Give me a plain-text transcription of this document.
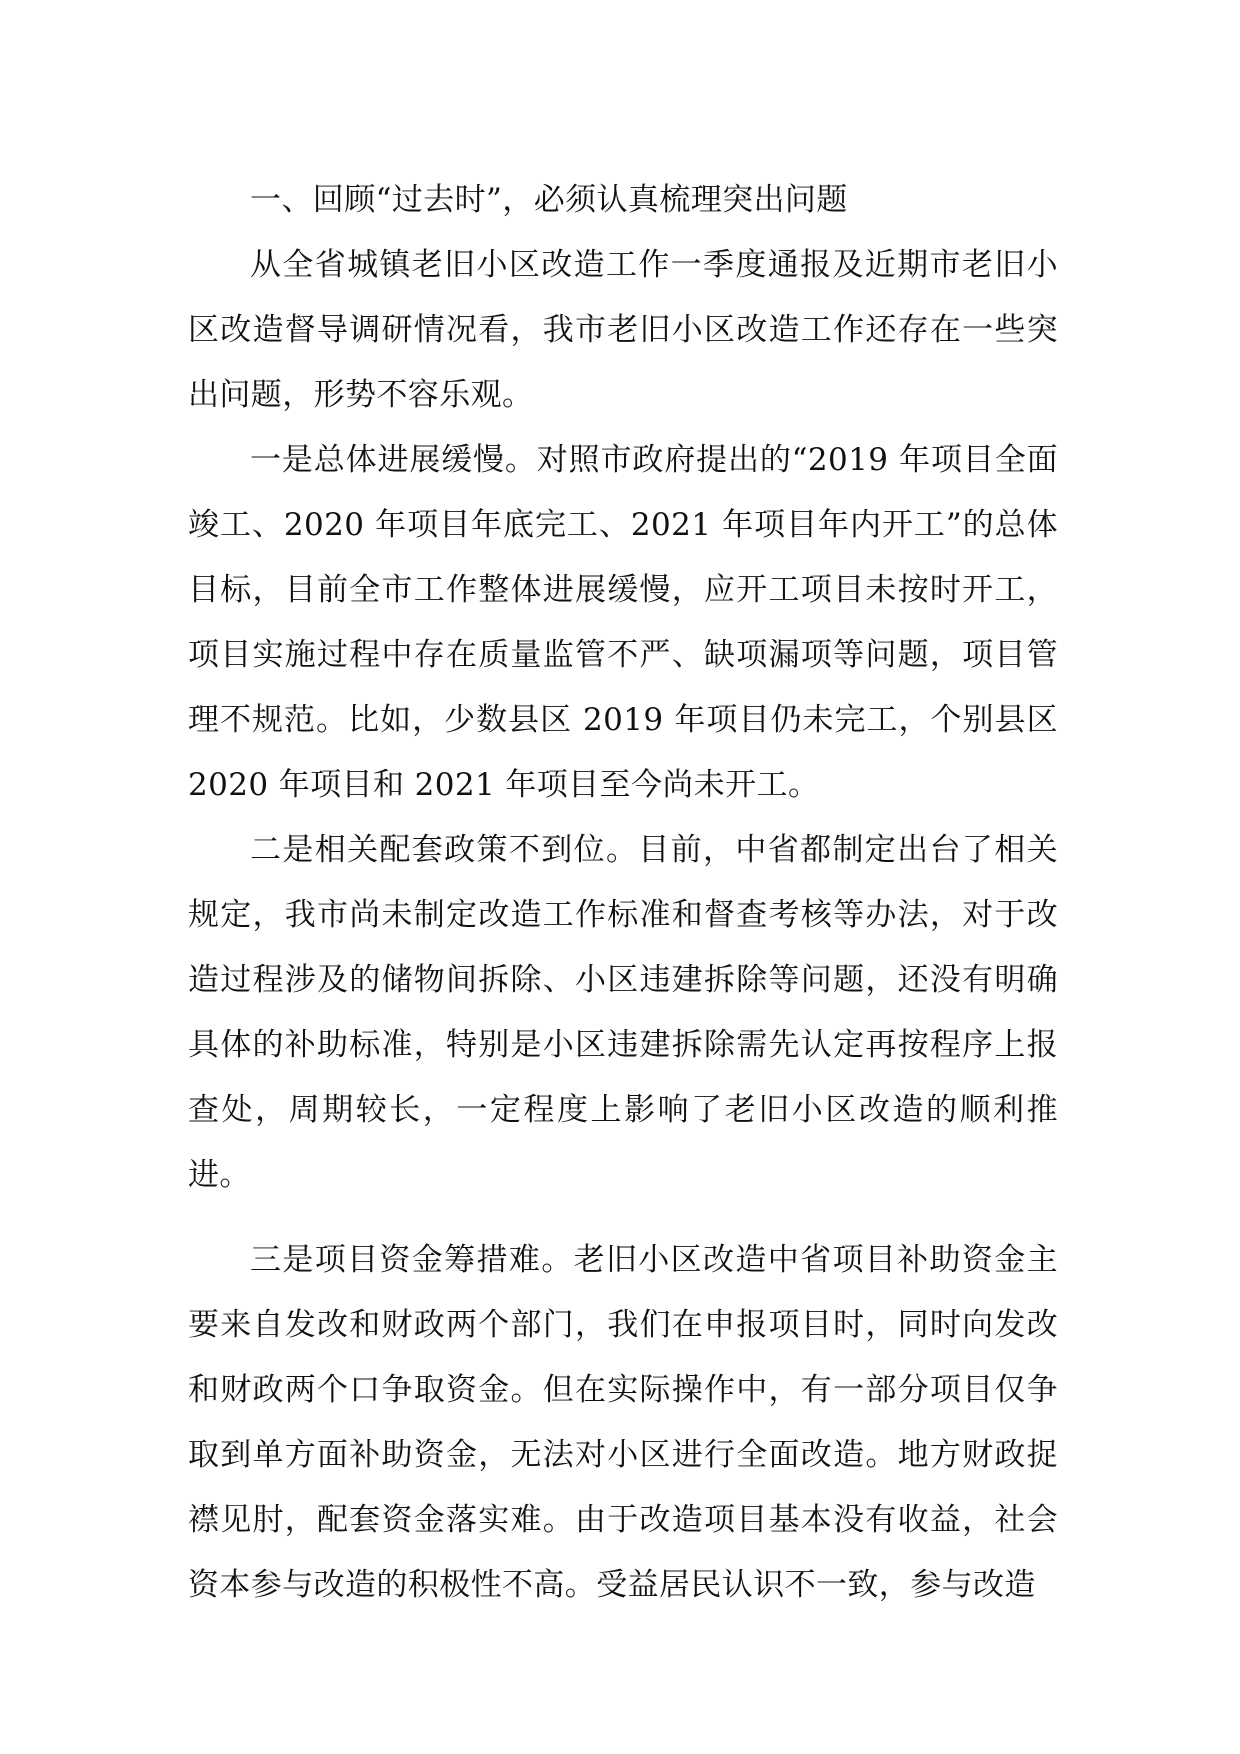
一、回顾“过去时”，必须认真梳理突出问题

从全省城镇老旧小区改造工作一季度通报及近期市老旧小区改造督导调研情况看，我市老旧小区改造工作还存在一些突出问题，形势不容乐观。

一是总体进展缓慢。对照市政府提出的“2019 年项目全面竣工、2020 年项目年底完工、2021 年项目年内开工”的总体目标，目前全市工作整体进展缓慢，应开工项目未按时开工，项目实施过程中存在质量监管不严、缺项漏项等问题，项目管理不规范。比如，少数县区 2019 年项目仍未完工，个别县区 2020 年项目和 2021 年项目至今尚未开工。

二是相关配套政策不到位。目前，中省都制定出台了相关规定，我市尚未制定改造工作标准和督查考核等办法，对于改造过程涉及的储物间拆除、小区违建拆除等问题，还没有明确具体的补助标准，特别是小区违建拆除需先认定再按程序上报查处，周期较长，一定程度上影响了老旧小区改造的顺利推进。

三是项目资金筹措难。老旧小区改造中省项目补助资金主要来自发改和财政两个部门，我们在申报项目时，同时向发改和财政两个口争取资金。但在实际操作中，有一部分项目仅争取到单方面补助资金，无法对小区进行全面改造。地方财政捉襟见肘，配套资金落实难。由于改造项目基本没有收益，社会资本参与改造的积极性不高。受益居民认识不一致，参与改造
